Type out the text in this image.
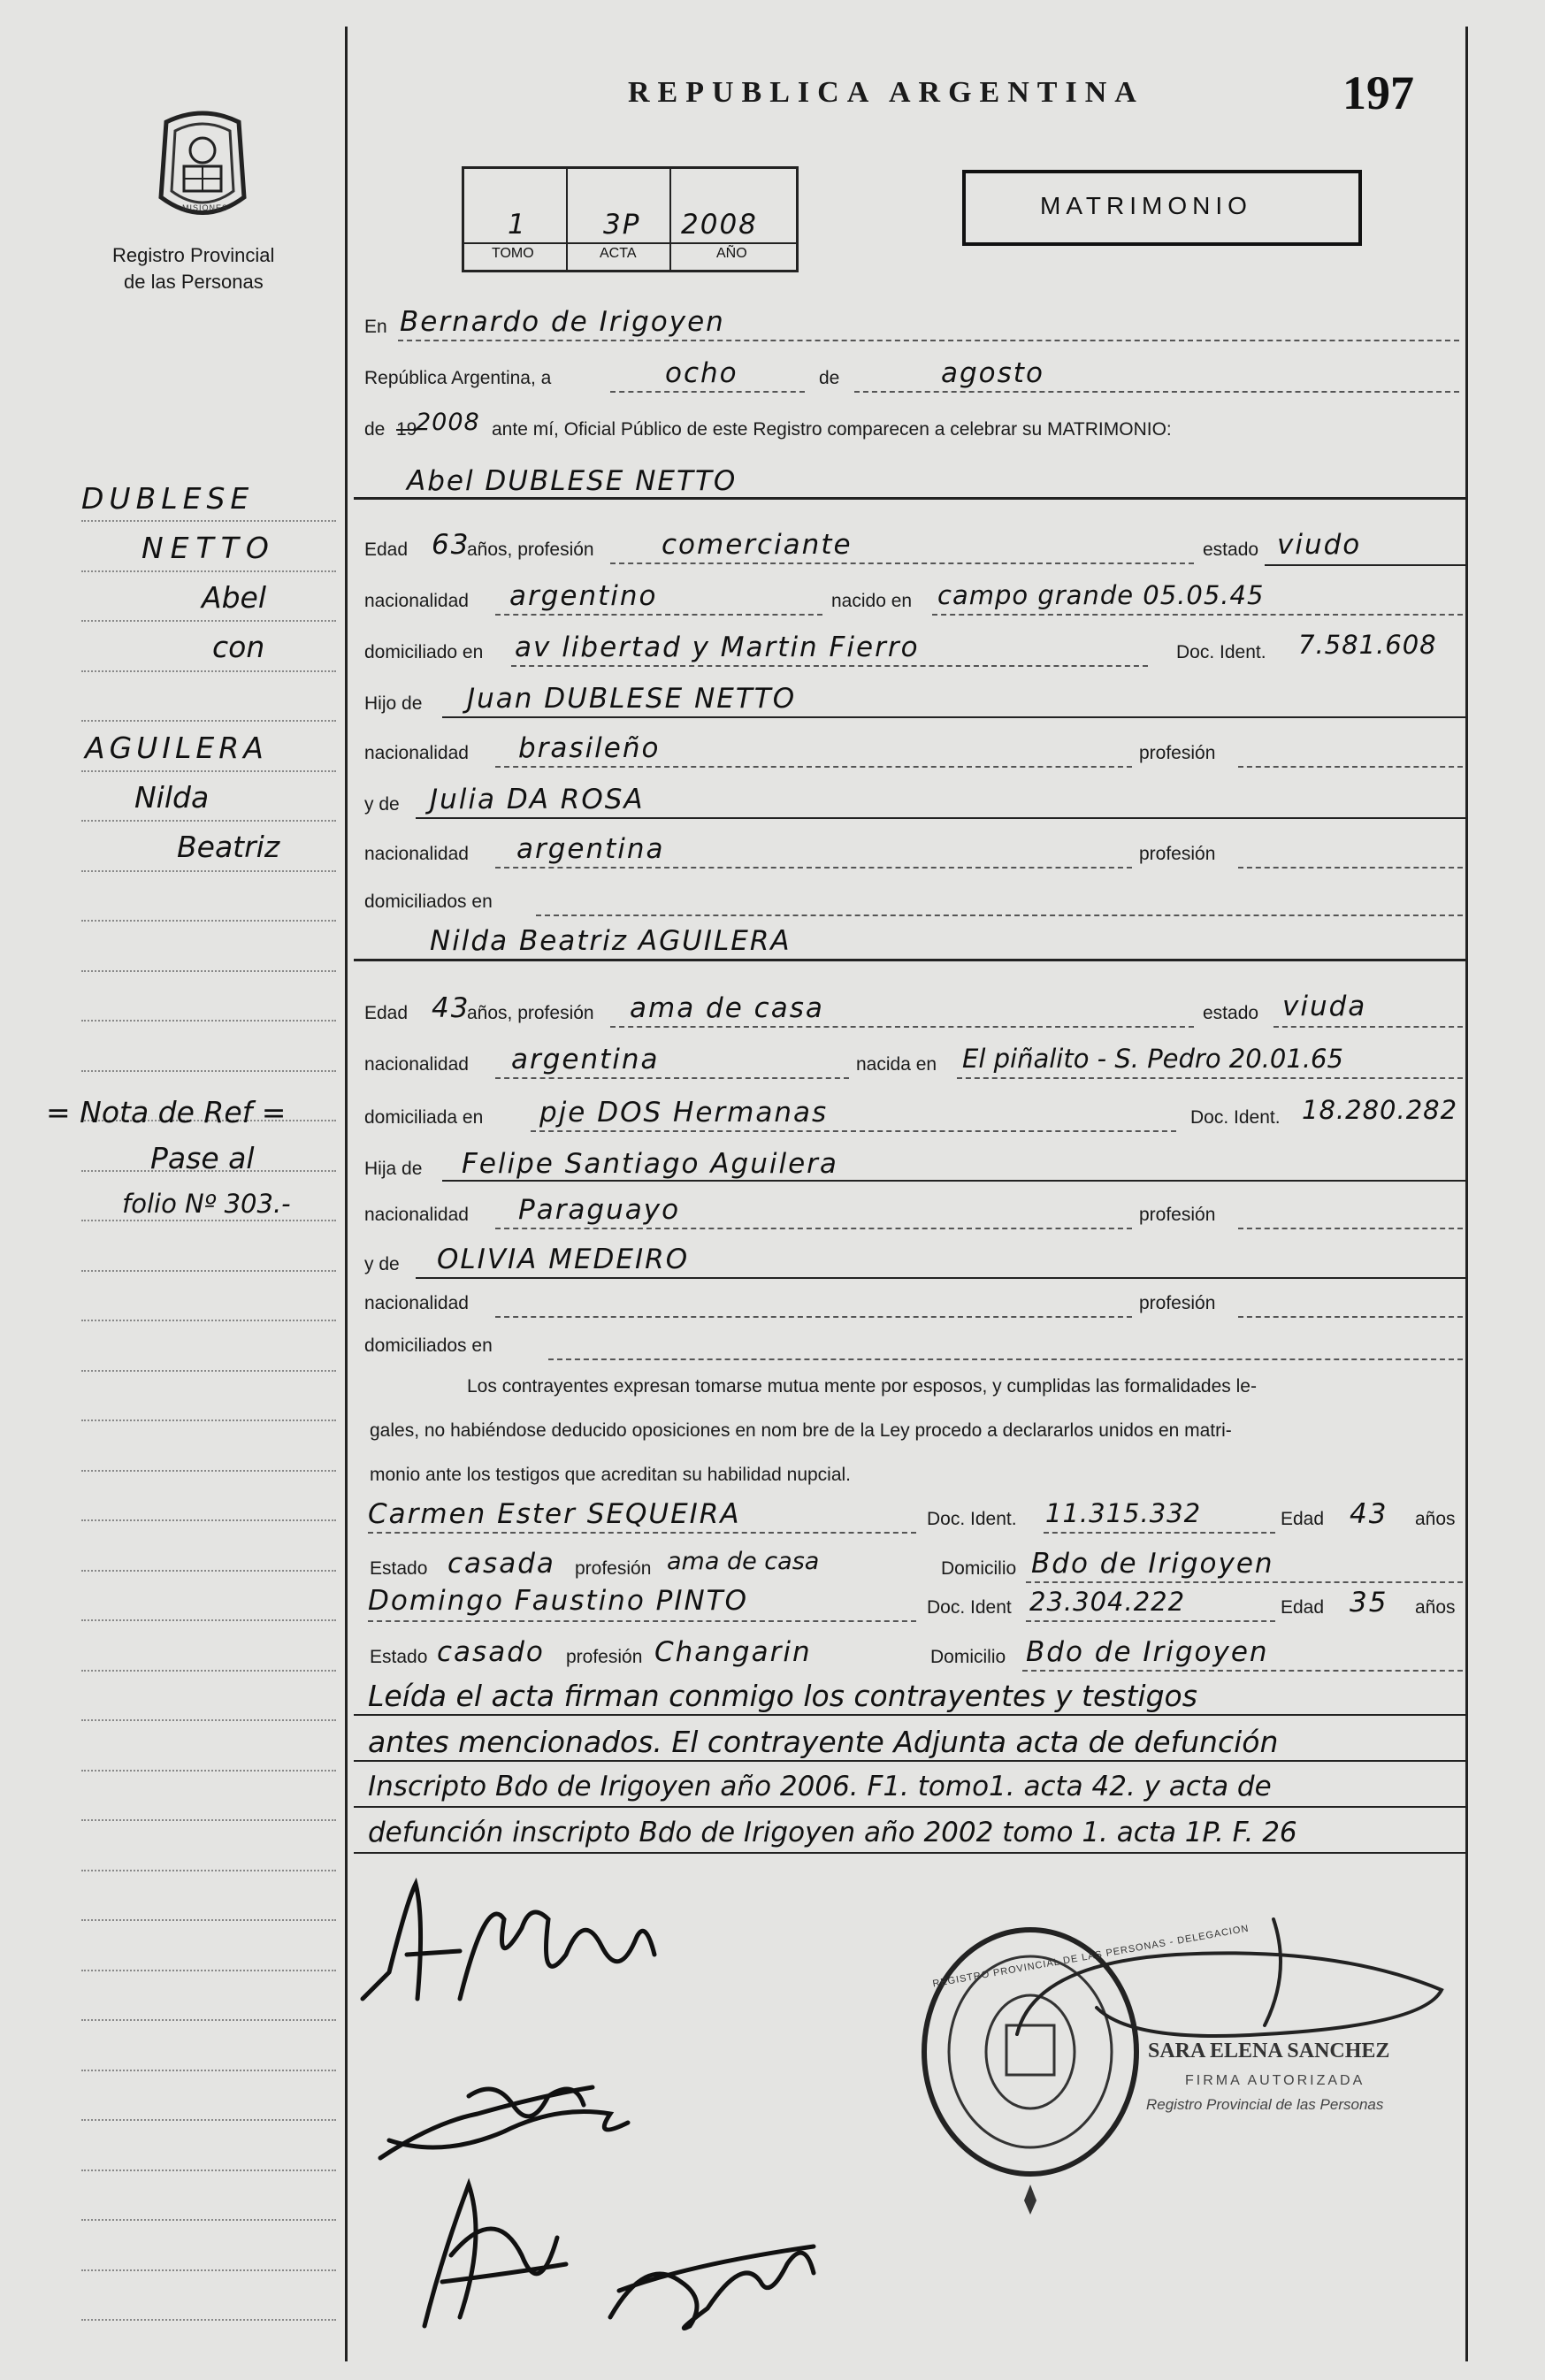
REPUBLICA ARGENTINA	197
MISIONES
Registro Provincial
de las Personas
1	3P 2008
TOMO	ACTA	AÑO
MATRIMONIO
En Bernardo de Irigoyen
República Argentina, a	ocho	de	agosto
de 19
2008 ante mí, Oficial Público de este Registro comparecen a celebrar su MATRIMONIO:
Abel DUBLESE NETTO
Edad 63
años, profesión comerciante	estado viudo
nacionalidad argentino	nacido en campo grande 05.05.45
domiciliado en av libertad y Martin Fierro	Doc. Ident. 7.581.608
Hijo de Juan DUBLESE NETTO
nacionalidad brasileño	profesión
y de Julia DA ROSA
nacionalidad argentina	profesión
domiciliados en
Nilda Beatriz AGUILERA
Edad 43
años, profesión ama de casa	estado viuda
nacionalidad argentina	nacida en El piñalito - S. Pedro 20.01.65
domiciliada en pje DOS Hermanas	Doc. Ident. 18.280.282
Hija de Felipe Santiago Aguilera
nacionalidad Paraguayo	profesión
y de OLIVIA MEDEIRO
nacionalidad	profesión
domiciliados en
Los contrayentes expresan tomarse mutua mente por esposos, y cumplidas las formalidades le-
gales, no habiéndose deducido oposiciones en nom bre de la Ley procedo a declararlos unidos en matri-
monio ante los testigos que acreditan su habilidad nupcial.
Carmen Ester SEQUEIRA	Doc. Ident. 11.315.332	Edad 43 años
Estado casada profesión ama de casa	Domicilio Bdo de Irigoyen
Domingo Faustino PINTO	Doc. Ident 23.304.222	Edad 35 años
Estado casado profesión Changarin	Domicilio Bdo de Irigoyen
Leída el acta firman conmigo los contrayentes y testigos
antes mencionados. El contrayente Adjunta acta de defunción
Inscripto Bdo de Irigoyen año 2006. F1. tomo1. acta 42. y acta de
defunción inscripto Bdo de Irigoyen año 2002 tomo 1. acta 1P. F. 26
REGISTRO PROVINCIAL DE LAS PERSONAS - DELEGACION
SARA ELENA SANCHEZ
FIRMA AUTORIZADA
Registro Provincial de las Personas
DUBLESE
NETTO
Abel
con
AGUILERA
Nilda
Beatriz
= Nota de Ref =
Pase al
folio Nº 303.-
